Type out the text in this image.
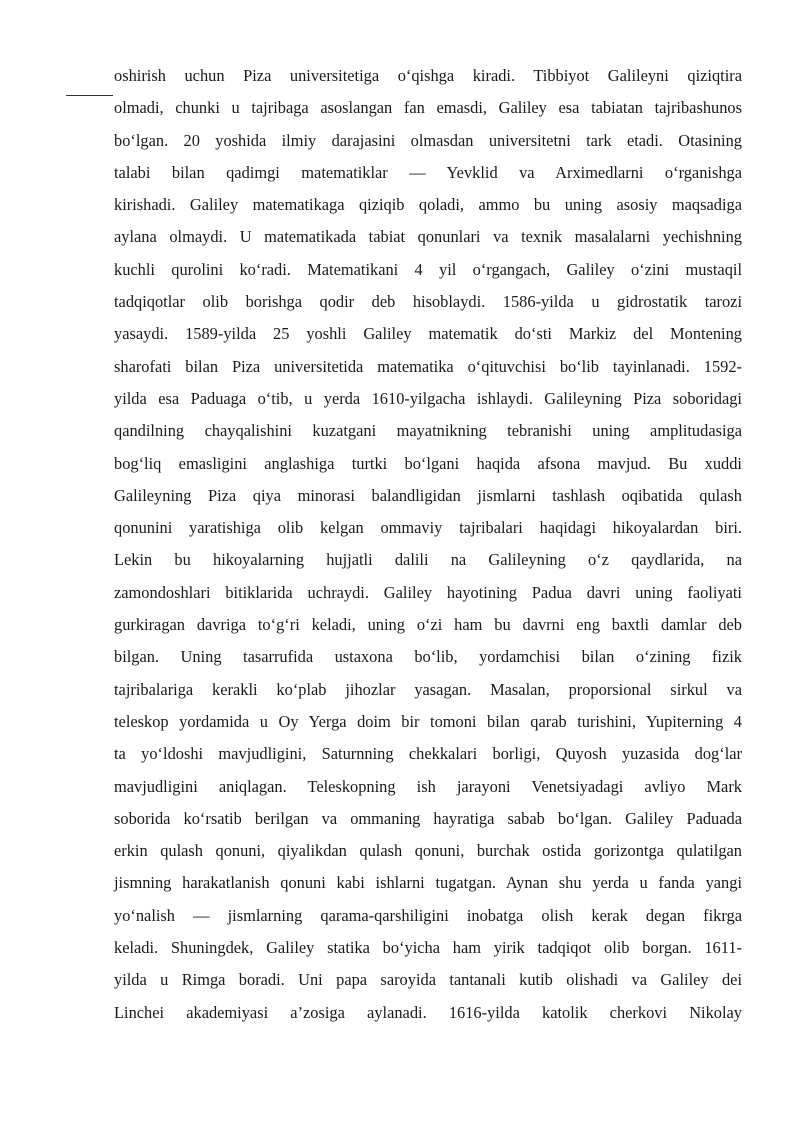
oshirish uchun Piza universitetiga o‘qishga kiradi. Tibbiyot Galileyni qiziqtira
olmadi, chunki u tajribaga asoslangan fan emasdi, Galiley esa tabiatan tajribashunos
bo‘lgan. 20 yoshida ilmiy darajasini olmasdan universitetni tark etadi. Otasining
talabi bilan qadimgi matematiklar — Yevklid va Arximedlarni o‘rganishga
kirishadi. Galiley matematikaga qiziqib qoladi, ammo bu uning asosiy maqsadiga
aylana olmaydi. U matematikada tabiat qonunlari va texnik masalalarni yechishning
kuchli qurolini ko‘radi. Matematikani 4 yil o‘rgangach, Galiley o‘zini mustaqil
tadqiqotlar olib borishga qodir deb hisoblaydi. 1586-yilda u gidrostatik tarozi
yasaydi. 1589-yilda 25 yoshli Galiley matematik do‘sti Markiz del Montening
sharofati bilan Piza universitetida matematika o‘qituvchisi bo‘lib tayinlanadi. 1592-
yilda esa Paduaga o‘tib, u yerda 1610-yilgacha ishlaydi. Galileyning Piza soboridagi
qandilning chayqalishini kuzatgani mayatnikning tebranishi uning amplitudasiga
bog‘liq emasligini anglashiga turtki bo‘lgani haqida afsona mavjud. Bu xuddi
Galileyning Piza qiya minorasi balandligidan jismlarni tashlash oqibatida qulash
qonunini yaratishiga olib kelgan ommaviy tajribalari haqidagi hikoyalardan biri.
Lekin bu hikoyalarning hujjatli dalili na Galileyning o‘z qaydlarida, na
zamondoshlari bitiklarida uchraydi. Galiley hayotining Padua davri uning faoliyati
gurkiragan davriga to‘g‘ri keladi, uning o‘zi ham bu davrni eng baxtli damlar deb
bilgan. Uning tasarrufida ustaxona bo‘lib, yordamchisi bilan o‘zining fizik
tajribalariga kerakli ko‘plab jihozlar yasagan. Masalan, proporsional sirkul va
teleskop yordamida u Oy Yerga doim bir tomoni bilan qarab turishini, Yupiterning 4
ta yo‘ldoshi mavjudligini, Saturnning chekkalari borligi, Quyosh yuzasida dog‘lar
mavjudligini aniqlagan. Teleskopning ish jarayoni Venetsiyadagi avliyo Mark
soborida ko‘rsatib berilgan va ommaning hayratiga sabab bo‘lgan. Galiley Paduada
erkin qulash qonuni, qiyalikdan qulash qonuni, burchak ostida gorizontga qulatilgan
jismning harakatlanish qonuni kabi ishlarni tugatgan. Aynan shu yerda u fanda yangi
yo‘nalish — jismlarning qarama-qarshiligini inobatga olish kerak degan fikrga
keladi. Shuningdek, Galiley statika bo‘yicha ham yirik tadqiqot olib borgan. 1611-
yilda u Rimga boradi. Uni papa saroyida tantanali kutib olishadi va Galiley dei
Linchei akademiyasi a’zosiga aylanadi. 1616-yilda katolik cherkovi Nikolay
